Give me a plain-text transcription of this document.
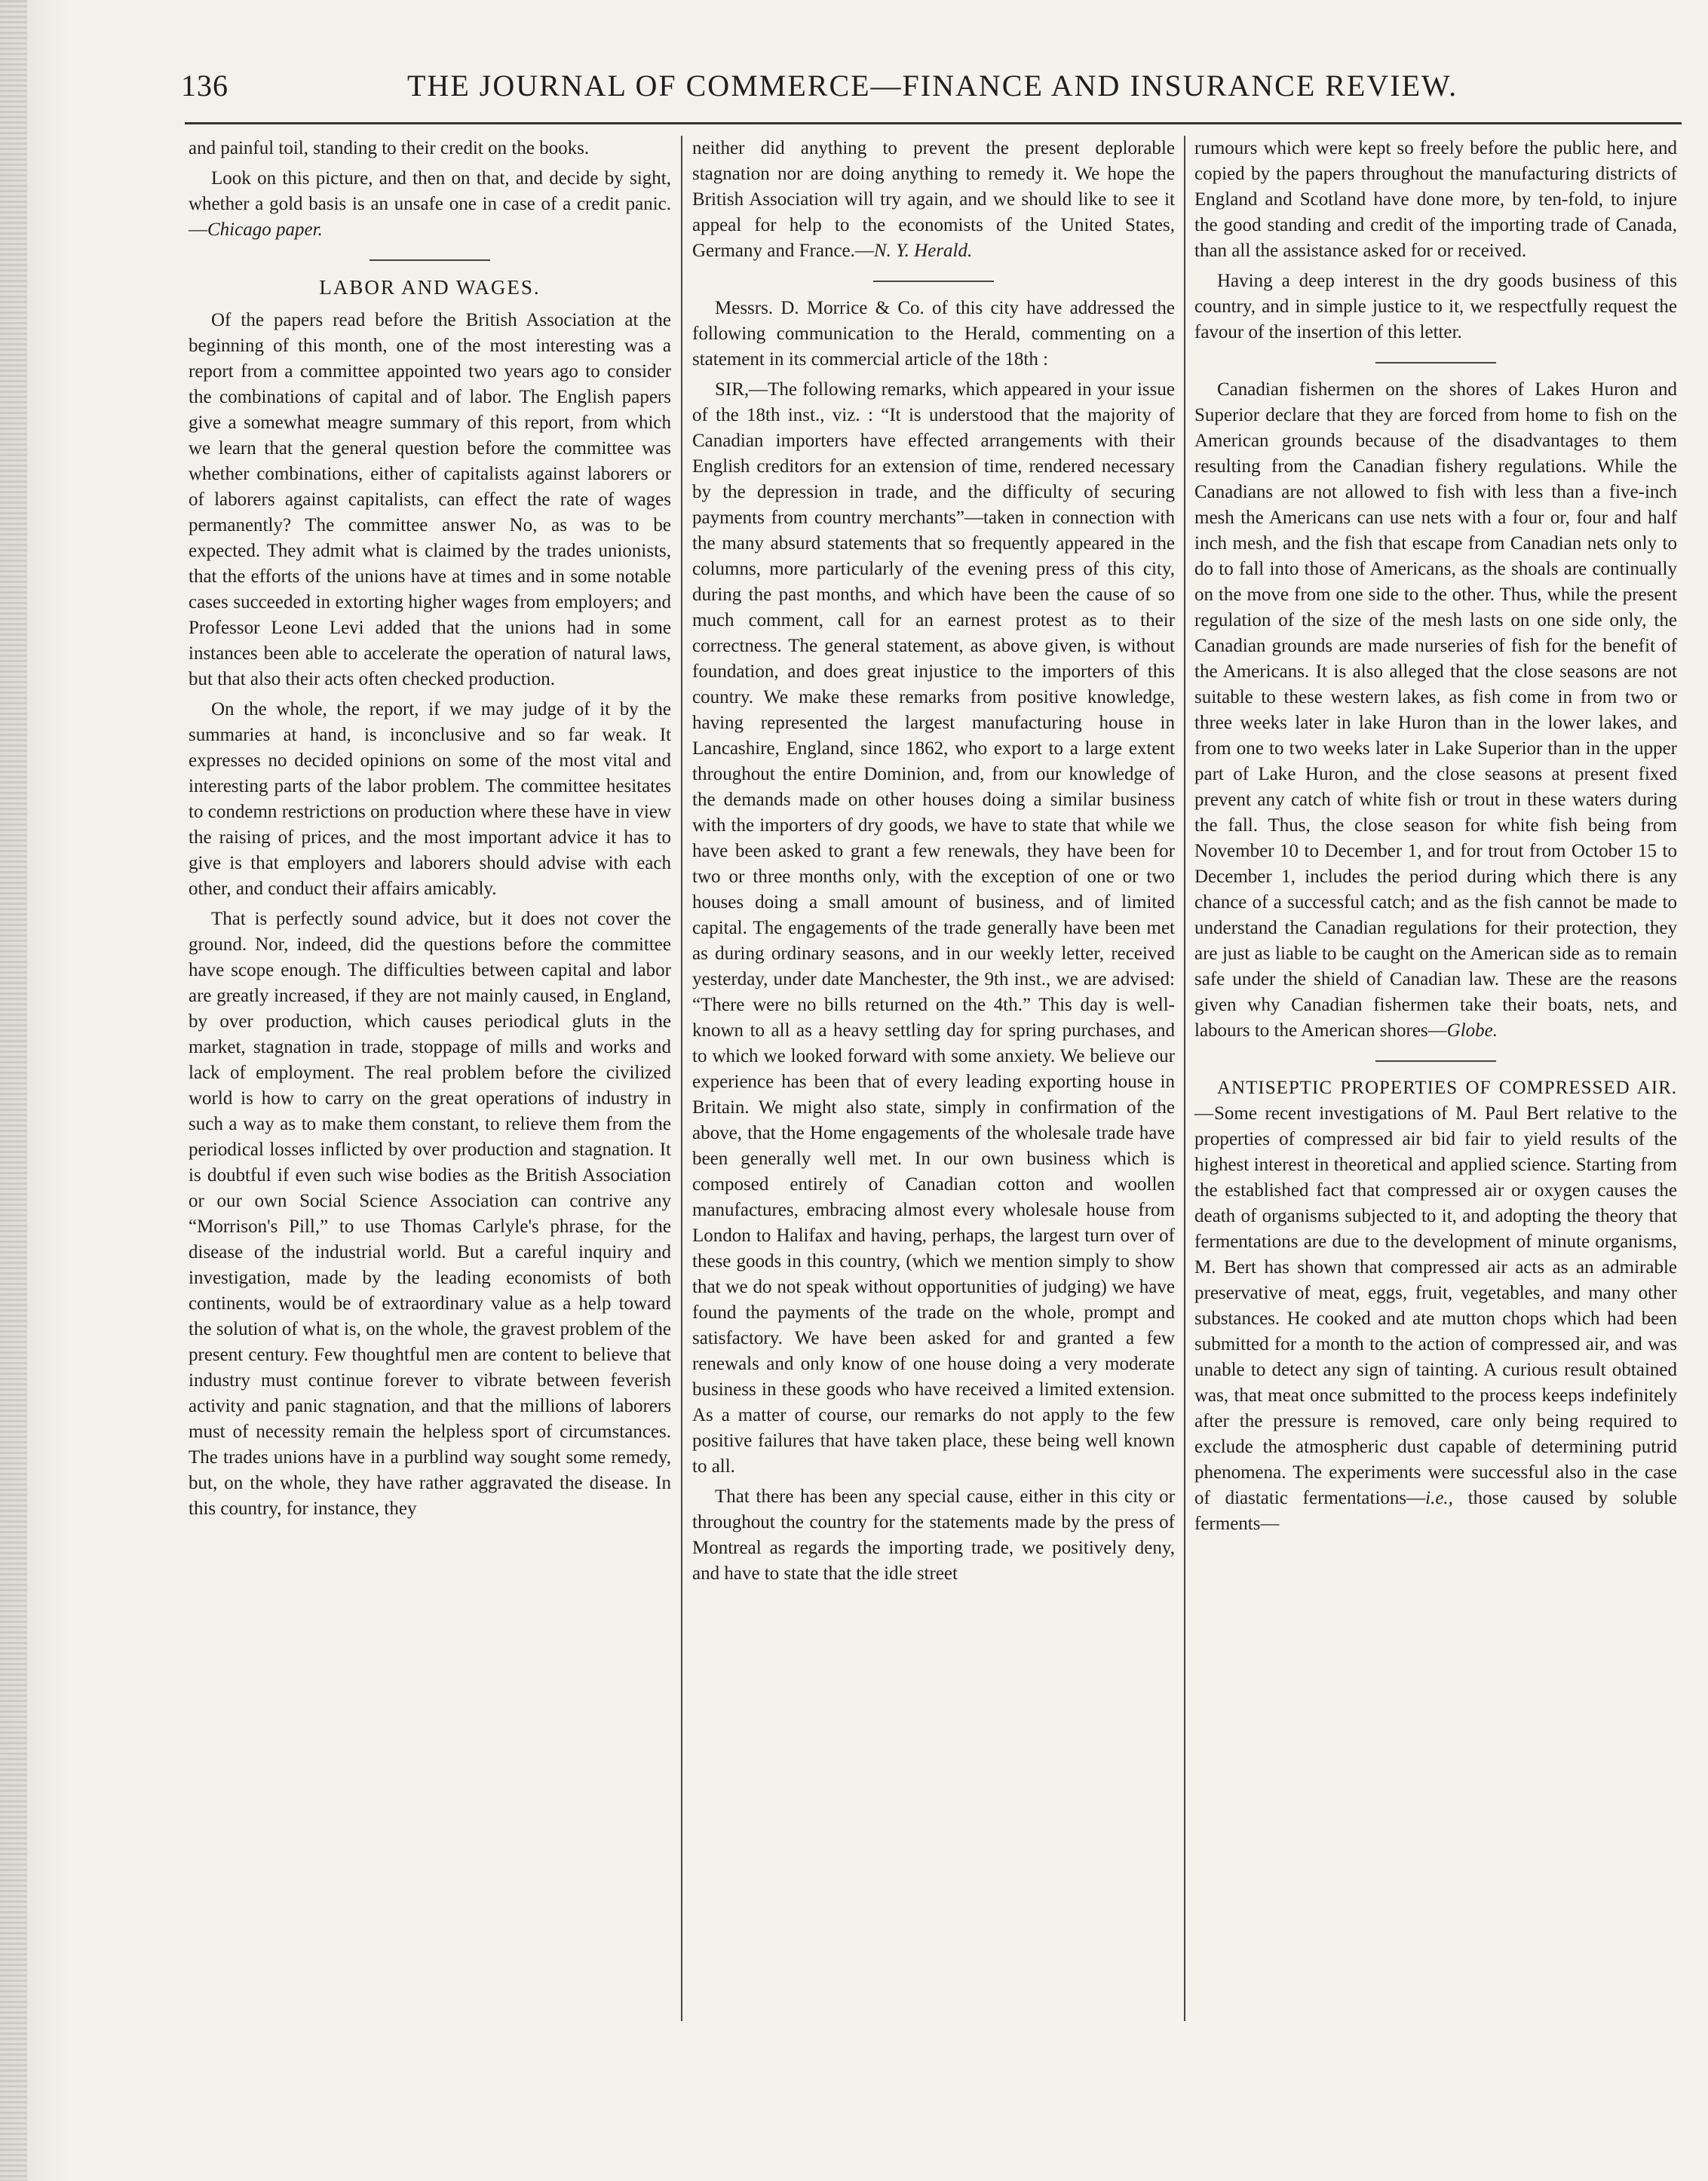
136	THE JOURNAL OF COMMERCE—FINANCE AND INSURANCE REVIEW.

and painful toil, standing to their credit on the books.

Look on this picture, and then on that, and decide by sight, whether a gold basis is an unsafe one in case of a credit panic.—Chicago paper.

LABOR AND WAGES.

Of the papers read before the British Association at the beginning of this month, one of the most interesting was a report from a committee appointed two years ago to consider the combinations of capital and of labor. The English papers give a somewhat meagre summary of this report, from which we learn that the general question before the committee was whether combinations, either of capitalists against laborers or of laborers against capitalists, can effect the rate of wages permanently? The committee answer No, as was to be expected. They admit what is claimed by the trades unionists, that the efforts of the unions have at times and in some notable cases succeeded in extorting higher wages from employers; and Professor Leone Levi added that the unions had in some instances been able to accelerate the operation of natural laws, but that also their acts often checked production.

On the whole, the report, if we may judge of it by the summaries at hand, is inconclusive and so far weak. It expresses no decided opinions on some of the most vital and interesting parts of the labor problem. The committee hesitates to condemn restrictions on production where these have in view the raising of prices, and the most important advice it has to give is that employers and laborers should advise with each other, and conduct their affairs amicably.

That is perfectly sound advice, but it does not cover the ground. Nor, indeed, did the questions before the committee have scope enough. The difficulties between capital and labor are greatly increased, if they are not mainly caused, in England, by over production, which causes periodical gluts in the market, stagnation in trade, stoppage of mills and works and lack of employment. The real problem before the civilized world is how to carry on the great operations of industry in such a way as to make them constant, to relieve them from the periodical losses inflicted by over production and stagnation. It is doubtful if even such wise bodies as the British Association or our own Social Science Association can contrive any “Morrison's Pill,” to use Thomas Carlyle's phrase, for the disease of the industrial world. But a careful inquiry and investigation, made by the leading economists of both continents, would be of extraordinary value as a help toward the solution of what is, on the whole, the gravest problem of the present century. Few thoughtful men are content to believe that industry must continue forever to vibrate between feverish activity and panic stagnation, and that the millions of laborers must of necessity remain the helpless sport of circumstances. The trades unions have in a purblind way sought some remedy, but, on the whole, they have rather aggravated the disease. In this country, for instance, they

neither did anything to prevent the present deplorable stagnation nor are doing anything to remedy it. We hope the British Association will try again, and we should like to see it appeal for help to the economists of the United States, Germany and France.—N. Y. Herald.

Messrs. D. Morrice & Co. of this city have addressed the following communication to the Herald, commenting on a statement in its commercial article of the 18th :

SIR,—The following remarks, which appeared in your issue of the 18th inst., viz. : “It is understood that the majority of Canadian importers have effected arrangements with their English creditors for an extension of time, rendered necessary by the depression in trade, and the difficulty of securing payments from country merchants”—taken in connection with the many absurd statements that so frequently appeared in the columns, more particularly of the evening press of this city, during the past months, and which have been the cause of so much comment, call for an earnest protest as to their correctness. The general statement, as above given, is without foundation, and does great injustice to the importers of this country. We make these remarks from positive knowledge, having represented the largest manufacturing house in Lancashire, England, since 1862, who export to a large extent throughout the entire Dominion, and, from our knowledge of the demands made on other houses doing a similar business with the importers of dry goods, we have to state that while we have been asked to grant a few renewals, they have been for two or three months only, with the exception of one or two houses doing a small amount of business, and of limited capital. The engagements of the trade generally have been met as during ordinary seasons, and in our weekly letter, received yesterday, under date Manchester, the 9th inst., we are advised: “There were no bills returned on the 4th.” This day is well-known to all as a heavy settling day for spring purchases, and to which we looked forward with some anxiety. We believe our experience has been that of every leading exporting house in Britain. We might also state, simply in confirmation of the above, that the Home engagements of the wholesale trade have been generally well met. In our own business which is composed entirely of Canadian cotton and woollen manufactures, embracing almost every wholesale house from London to Halifax and having, perhaps, the largest turn over of these goods in this country, (which we mention simply to show that we do not speak without opportunities of judging) we have found the payments of the trade on the whole, prompt and satisfactory. We have been asked for and granted a few renewals and only know of one house doing a very moderate business in these goods who have received a limited extension. As a matter of course, our remarks do not apply to the few positive failures that have taken place, these being well known to all.

That there has been any special cause, either in this city or throughout the country for the statements made by the press of Montreal as regards the importing trade, we positively deny, and have to state that the idle street

rumours which were kept so freely before the public here, and copied by the papers throughout the manufacturing districts of England and Scotland have done more, by ten-fold, to injure the good standing and credit of the importing trade of Canada, than all the assistance asked for or received.

Having a deep interest in the dry goods business of this country, and in simple justice to it, we respectfully request the favour of the insertion of this letter.

Canadian fishermen on the shores of Lakes Huron and Superior declare that they are forced from home to fish on the American grounds because of the disadvantages to them resulting from the Canadian fishery regulations. While the Canadians are not allowed to fish with less than a five-inch mesh the Americans can use nets with a four or, four and half inch mesh, and the fish that escape from Canadian nets only to do to fall into those of Americans, as the shoals are continually on the move from one side to the other. Thus, while the present regulation of the size of the mesh lasts on one side only, the Canadian grounds are made nurseries of fish for the benefit of the Americans. It is also alleged that the close seasons are not suitable to these western lakes, as fish come in from two or three weeks later in lake Huron than in the lower lakes, and from one to two weeks later in Lake Superior than in the upper part of Lake Huron, and the close seasons at present fixed prevent any catch of white fish or trout in these waters during the fall. Thus, the close season for white fish being from November 10 to December 1, and for trout from October 15 to December 1, includes the period during which there is any chance of a successful catch; and as the fish cannot be made to understand the Canadian regulations for their protection, they are just as liable to be caught on the American side as to remain safe under the shield of Canadian law. These are the reasons given why Canadian fishermen take their boats, nets, and labours to the American shores—Globe.

ANTISEPTIC PROPERTIES OF COMPRESSED AIR.—Some recent investigations of M. Paul Bert relative to the properties of compressed air bid fair to yield results of the highest interest in theoretical and applied science. Starting from the established fact that compressed air or oxygen causes the death of organisms subjected to it, and adopting the theory that fermentations are due to the development of minute organisms, M. Bert has shown that compressed air acts as an admirable preservative of meat, eggs, fruit, vegetables, and many other substances. He cooked and ate mutton chops which had been submitted for a month to the action of compressed air, and was unable to detect any sign of tainting. A curious result obtained was, that meat once submitted to the process keeps indefinitely after the pressure is removed, care only being required to exclude the atmospheric dust capable of determining putrid phenomena. The experiments were successful also in the case of diastatic fermentations—i.e., those caused by soluble ferments—
